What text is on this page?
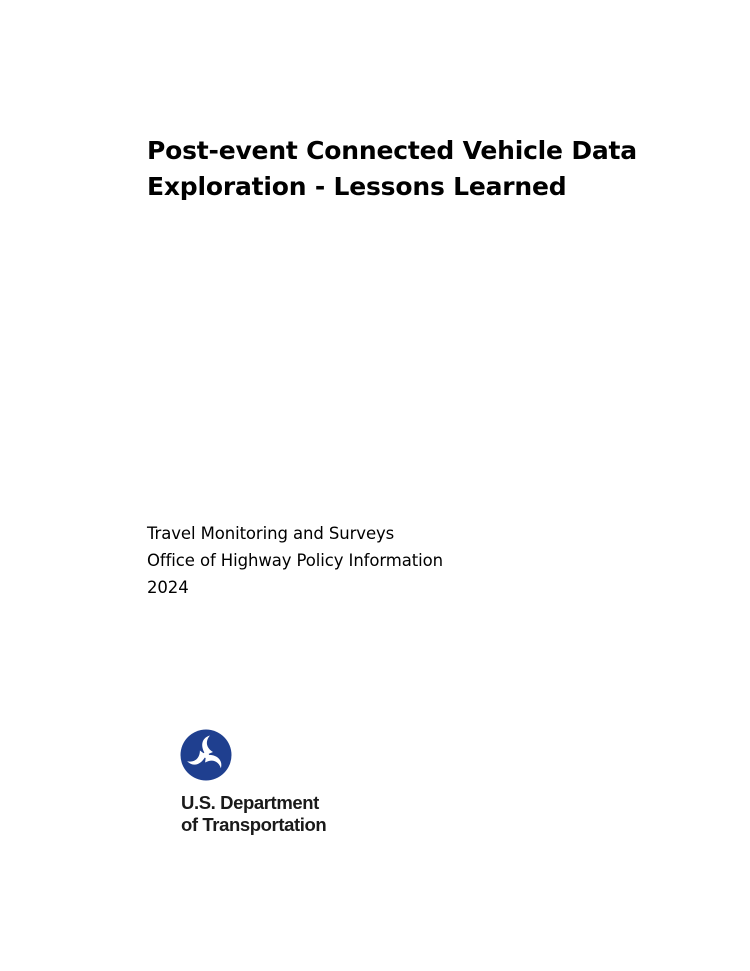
Post-event Connected Vehicle Data
Exploration - Lessons Learned
Travel Monitoring and Surveys
Office of Highway Policy Information
2024
U.S. Department
of Transportation
